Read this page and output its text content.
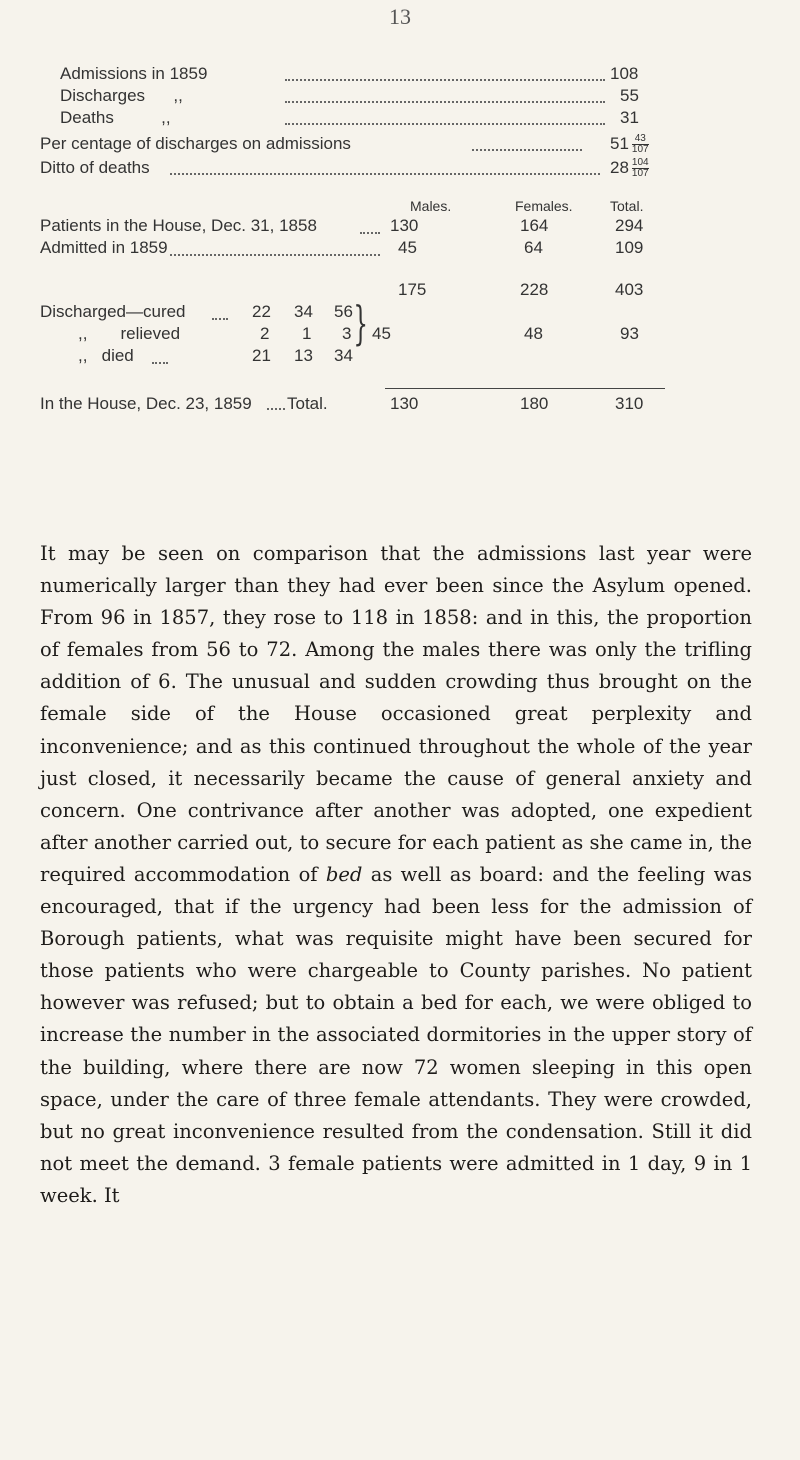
13
Admissions in 1859	108
Discharges      ,,	55
Deaths          ,,	31
Per centage of discharges on admissions	$51 \frac{43}{107}$
Ditto of deaths	$28 \frac{104}{107}$
Males.	Females.	Total.
Patients in the House, Dec. 31, 1858	130	164	294
Admitted in 1859	45	64	109
175	228	403
Discharged—cured	22 34 56
,,       relieved	2 1 3
,,   died	21 13 34
} 45	48	93
In the House, Dec. 23, 1859 Total.	130	180	310

It may be seen on comparison that the admissions last year were numerically larger than they had ever been since the Asylum opened. From 96 in 1857, they rose to 118 in 1858: and in this, the proportion of females from 56 to 72. Among the males there was only the trifling addition of 6. The unusual and sudden crowding thus brought on the female side of the House occasioned great perplexity and inconvenience; and as this continued throughout the whole of the year just closed, it necessarily became the cause of general anxiety and concern. One contrivance after another was adopted, one expedient after another carried out, to secure for each patient as she came in, the required accommodation of bed as well as board: and the feeling was encouraged, that if the urgency had been less for the admission of Borough patients, what was requisite might have been secured for those patients who were chargeable to County parishes. No patient however was refused; but to obtain a bed for each, we were obliged to increase the number in the associated dormitories in the upper story of the building, where there are now 72 women sleeping in this open space, under the care of three female attendants. They were crowded, but no great inconvenience resulted from the condensation. Still it did not meet the demand. 3 female patients were admitted in 1 day, 9 in 1 week. It
